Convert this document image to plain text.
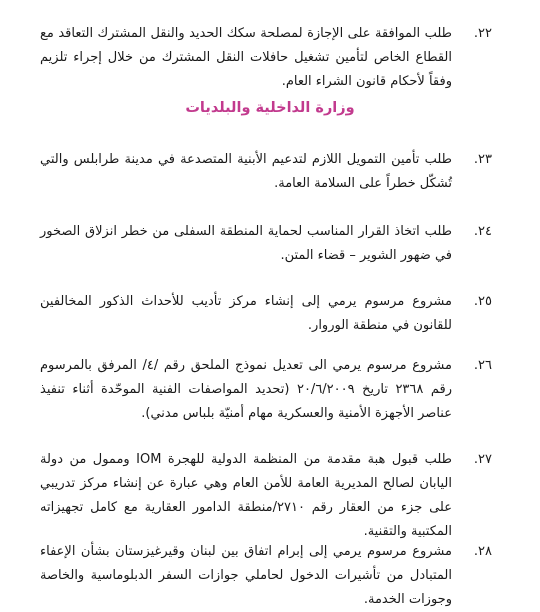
٢٢.
طلب الموافقة على الإجازة لمصلحة سكك الحديد والنقل المشترك التعاقد مع القطاع الخاص لتأمين تشغيل حافلات النقل المشترك من خلال إجراء تلزيم وفقاً لأحكام قانون الشراء العام.
وزارة الداخلية والبلديات
٢٣.
طلب تأمين التمويل اللازم لتدعيم الأبنية المتصدعة في مدينة طرابلس والتي تُشكّل خطراً على السلامة العامة.
٢٤.
طلب اتخاذ القرار المناسب لحماية المنطقة السفلى من خطر انزلاق الصخور في ضهور الشوير – قضاء المتن.
٢٥.
مشروع مرسوم يرمي إلى إنشاء مركز تأديب للأحداث الذكور المخالفين للقانون في منطقة الوروار.
٢٦.
مشروع مرسوم يرمي الى تعديل نموذج الملحق رقم /٤/ المرفق بالمرسوم رقم ٢٣٦٨ تاريخ ٢٠/٦/٢٠٠٩ (تحديد المواصفات الفنية الموحّدة أثناء تنفيذ عناصر الأجهزة الأمنية والعسكرية مهام أمنيّة بلباس مدني).
٢٧.
طلب قبول هبة مقدمة من المنظمة الدولية للهجرة IOM وممول من دولة اليابان لصالح المديرية العامة للأمن العام وهي عبارة عن إنشاء مركز تدريبي على جزء من العقار رقم ٢٧١٠/منطقة الدامور العقارية مع كامل تجهيزاته المكتبية والتقنية.
٢٨.
مشروع مرسوم يرمي إلى إبرام اتفاق بين لبنان وقيرغيزستان بشأن الإعفاء المتبادل من تأشيرات الدخول لحاملي جوازات السفر الدبلوماسية والخاصة وجوزات الخدمة.
